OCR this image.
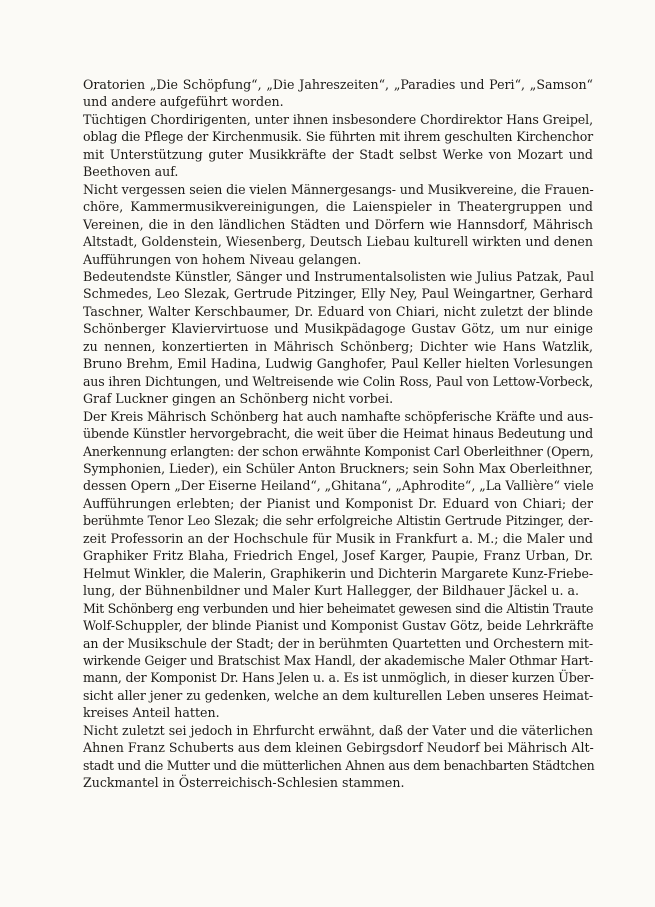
Oratorien „Die Schöpfung“, „Die Jahreszeiten“, „Paradies und Peri“, „Samson“
und andere aufgeführt worden.

Tüchtigen Chordirigenten, unter ihnen insbesondere Chordirektor Hans Greipel,
oblag die Pflege der Kirchenmusik. Sie führten mit ihrem geschulten Kirchenchor
mit Unterstützung guter Musikkräfte der Stadt selbst Werke von Mozart und
Beethoven auf.

Nicht vergessen seien die vielen Männergesangs- und Musikvereine, die Frauen-
chöre, Kammermusikvereinigungen, die Laienspieler in Theatergruppen und
Vereinen, die in den ländlichen Städten und Dörfern wie Hannsdorf, Mährisch
Altstadt, Goldenstein, Wiesenberg, Deutsch Liebau kulturell wirkten und denen
Aufführungen von hohem Niveau gelangen.

Bedeutendste Künstler, Sänger und Instrumentalsolisten wie Julius Patzak, Paul
Schmedes, Leo Slezak, Gertrude Pitzinger, Elly Ney, Paul Weingartner, Gerhard
Taschner, Walter Kerschbaumer, Dr. Eduard von Chiari, nicht zuletzt der blinde
Schönberger Klaviervirtuose und Musikpädagoge Gustav Götz, um nur einige
zu nennen, konzertierten in Mährisch Schönberg; Dichter wie Hans Watzlik,
Bruno Brehm, Emil Hadina, Ludwig Ganghofer, Paul Keller hielten Vorlesungen
aus ihren Dichtungen, und Weltreisende wie Colin Ross, Paul von Lettow-Vorbeck,
Graf Luckner gingen an Schönberg nicht vorbei.

Der Kreis Mährisch Schönberg hat auch namhafte schöpferische Kräfte und aus-
übende Künstler hervorgebracht, die weit über die Heimat hinaus Bedeutung und
Anerkennung erlangten: der schon erwähnte Komponist Carl Oberleithner (Opern,
Symphonien, Lieder), ein Schüler Anton Bruckners; sein Sohn Max Oberleithner,
dessen Opern „Der Eiserne Heiland“, „Ghitana“, „Aphrodite“, „La Vallière“ viele
Aufführungen erlebten; der Pianist und Komponist Dr. Eduard von Chiari; der
berühmte Tenor Leo Slezak; die sehr erfolgreiche Altistin Gertrude Pitzinger, der-
zeit Professorin an der Hochschule für Musik in Frankfurt a. M.; die Maler und
Graphiker Fritz Blaha, Friedrich Engel, Josef Karger, Paupie, Franz Urban, Dr.
Helmut Winkler, die Malerin, Graphikerin und Dichterin Margarete Kunz-Friebe-
lung, der Bühnenbildner und Maler Kurt Hallegger, der Bildhauer Jäckel u. a.

Mit Schönberg eng verbunden und hier beheimatet gewesen sind die Altistin Traute
Wolf-Schuppler, der blinde Pianist und Komponist Gustav Götz, beide Lehrkräfte
an der Musikschule der Stadt; der in berühmten Quartetten und Orchestern mit-
wirkende Geiger und Bratschist Max Handl, der akademische Maler Othmar Hart-
mann, der Komponist Dr. Hans Jelen u. a. Es ist unmöglich, in dieser kurzen Über-
sicht aller jener zu gedenken, welche an dem kulturellen Leben unseres Heimat-
kreises Anteil hatten.

Nicht zuletzt sei jedoch in Ehrfurcht erwähnt, daß der Vater und die väterlichen
Ahnen Franz Schuberts aus dem kleinen Gebirgsdorf Neudorf bei Mährisch Alt-
stadt und die Mutter und die mütterlichen Ahnen aus dem benachbarten Städtchen
Zuckmantel in Österreichisch-Schlesien stammen.
